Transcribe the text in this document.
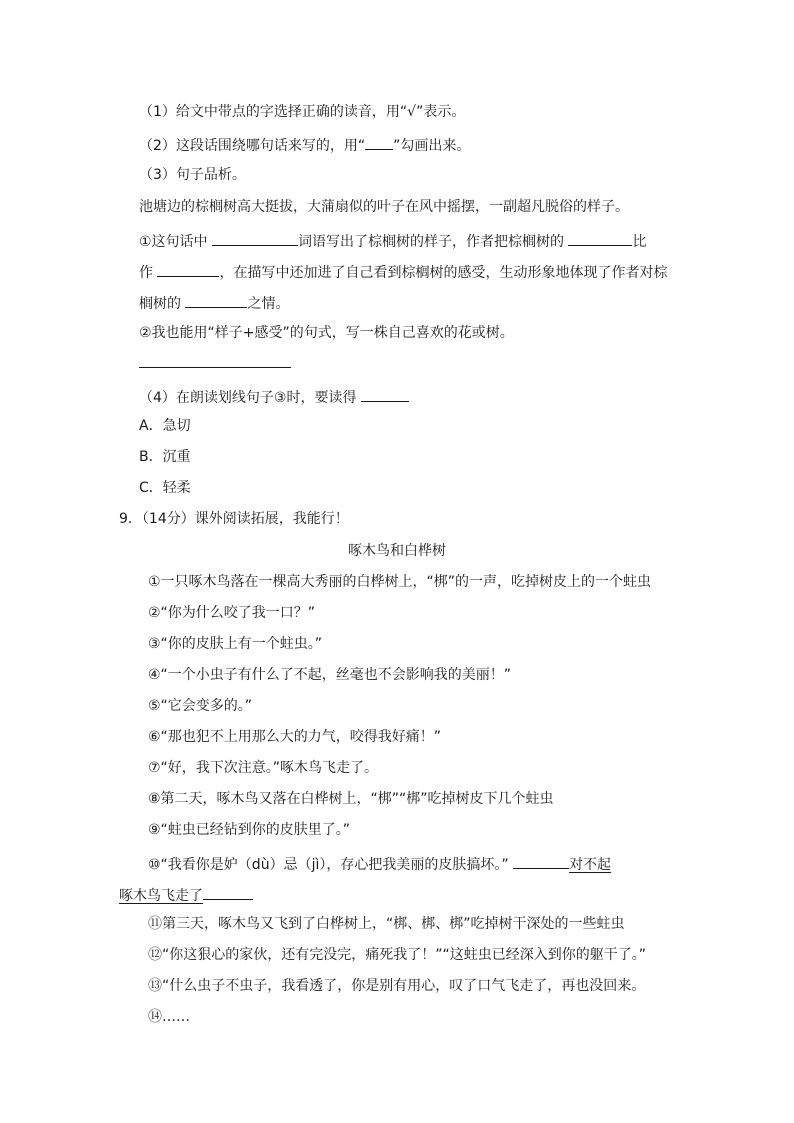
（1）给文中带点的字选择正确的读音，用“√”表示。
（2）这段话围绕哪句话来写的，用“ ”勾画出来。
（3）句子品析。
池塘边的棕榈树高大挺拔，大蒲扇似的叶子在风中摇摆，一副超凡脱俗的样子。
①这句话中	词语写出了棕榈树的样子，作者把棕榈树的	比
作	，在描写中还加进了自己看到棕榈树的感受，生动形象地体现了作者对棕
榈树的	之情。
②我也能用“样子+感受”的句式，写一株自己喜欢的花或树。
（4）在朗读划线句子③时，要读得
A．急切
B．沉重
C．轻柔
9．（14分）课外阅读拓展，我能行！
啄木鸟和白桦树
①一只啄木鸟落在一棵高大秀丽的白桦树上，“梆”的一声，吃掉树皮上的一个蛀虫
②“你为什么咬了我一口？”
③“你的皮肤上有一个蛀虫。”
④“一个小虫子有什么了不起，丝毫也不会影响我的美丽！”
⑤“它会变多的。”
⑥“那也犯不上用那么大的力气，咬得我好痛！”
⑦“好，我下次注意。”啄木鸟飞走了。
⑧第二天，啄木鸟又落在白桦树上，“梆”“梆”吃掉树皮下几个蛀虫
⑨“蛀虫已经钻到你的皮肤里了。”
⑩“我看你是妒（dù）忌（jì），存心把我美丽的皮肤搞坏。”	对不起
啄木鸟飞走了
⑪第三天，啄木鸟又飞到了白桦树上，“梆、梆、梆”吃掉树干深处的一些蛀虫
⑫“你这狠心的家伙，还有完没完，痛死我了！”“这蛀虫已经深入到你的躯干了。”
⑬“什么虫子不虫子，我看透了，你是别有用心，叹了口气飞走了，再也没回来。
⑭……
